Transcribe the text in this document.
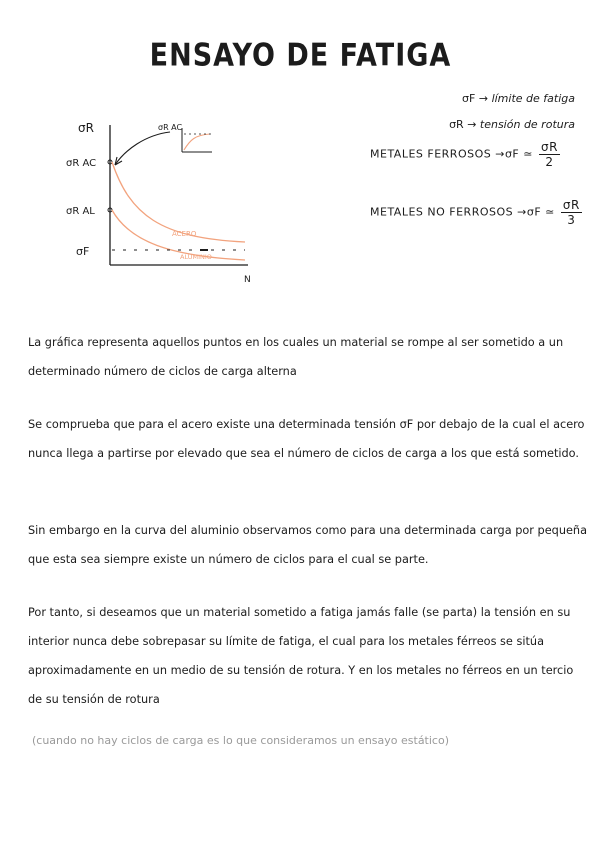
ENSAYO DE FATIGA
σF → límite de fatiga
σR → tensión de rotura
METALES FERROSOS →σF ≃ $\frac{\sigma R}{2}$
METALES NO FERROSOS →σF ≃ $\frac{\sigma R}{3}$
σR
σR AC
σR AL
σF
N
ACERO
ALUMINIO
σR AC
La gráfica representa aquellos puntos en los cuales un material se rompe al ser sometido a un determinado número de ciclos de carga alterna
Se comprueba que para el acero existe una determinada tensión σF por debajo de la cual el acero nunca llega a partirse por elevado que sea el número de ciclos de carga a los que está sometido.
Sin embargo en la curva del aluminio observamos como para una determinada carga por pequeña que esta sea siempre existe un número de ciclos para el cual se parte.
Por tanto, si deseamos que un material sometido a fatiga jamás falle (se parta) la tensión en su interior nunca debe sobrepasar su límite de fatiga, el cual para los metales férreos se sitúa aproximadamente en un medio de su tensión de rotura. Y en los metales no férreos en un tercio de su tensión de rotura
(cuando no hay ciclos de carga es lo que consideramos un ensayo estático)
